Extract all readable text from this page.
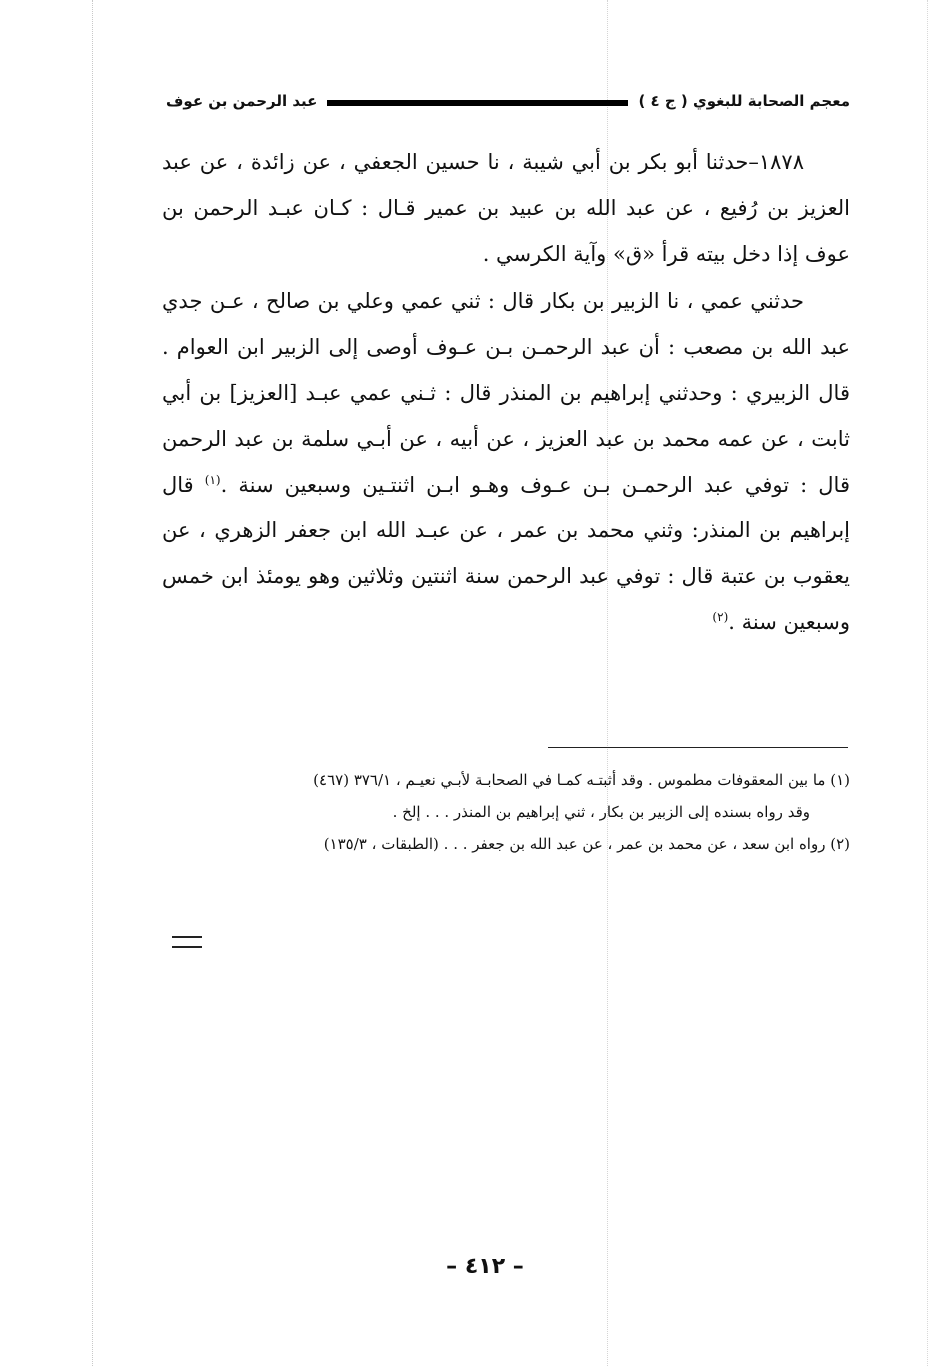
معجم الصحابة للبغوي ( ج ٤ )
عبد الرحمن بن عوف

١٨٧٨–حدثنا أبو بكر بن أبي شيبة ، نا حسين الجعفي ، عن زائدة ، عن عبد العزيز بن رُفيع ، عن عبد الله بن عبيد بن عمير قـال : كـان عبـد الرحمن بن عوف إذا دخل بيته قرأ «ق» وآية الكرسي .

حدثني عمي ، نا الزبير بن بكار قال : ثني عمي وعلي بن صالح ، عـن جدي عبد الله بن مصعب : أن عبد الرحمـن بـن عـوف أوصى إلى الزبير ابن العوام . قال الزبيري : وحدثني إبراهيم بن المنذر قال : ثـني عمي عبـد [العزيز] بن أبي ثابت ، عن عمه محمد بن عبد العزيز ، عن أبيه ، عن أبـي سلمة بن عبد الرحمن قال : توفي عبد الرحمـن بـن عـوف وهـو ابـن اثنتـين وسبعين سنة .$^{(١)}$ قال إبراهيم بن المنذر: وثني محمد بن عمر ، عن عبـد الله ابن جعفر الزهري ، عن يعقوب بن عتبة قال : توفي عبد الرحمن سنة اثنتين وثلاثين وهو يومئذ ابن خمس وسبعين سنة .$^{(٢)}$

(١) ما بين المعقوفات مطموس . وقد أثبتـه كمـا في الصحابـة لأبـي نعيـم ، ٣٧٦/١ (٤٦٧)
وقد رواه بسنده إلى الزبير بن بكار ، ثني إبراهيم بن المنذر . . . إلخ .
(٢) رواه ابن سعد ، عن محمد بن عمر ، عن عبد الله بن جعفر . . . (الطبقات ، ١٣٥/٣)
– ٤١٢ –
